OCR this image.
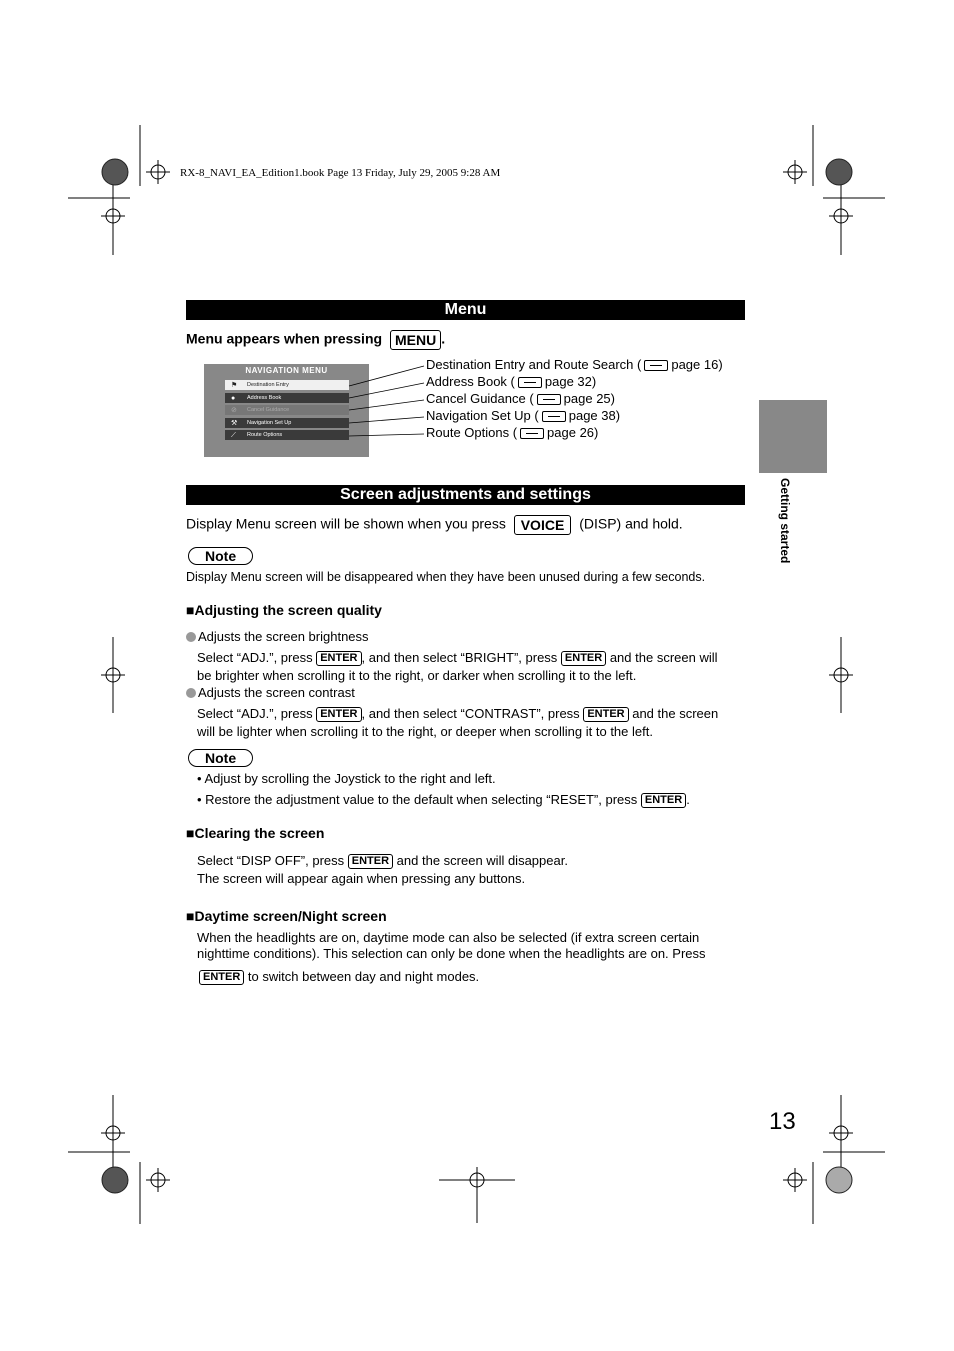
RX-8_NAVI_EA_Edition1.book Page 13 Friday, July 29, 2005 9:28 AM
Menu
Menu appears when pressing MENU .
NAVIGATION MENU
⚑ Destination Entry
● Address Book
⊘ Cancel Guidance
⚒ Navigation Set Up
⟋ Route Options
Destination Entry and Route Search ( page 16)
Address Book ( page 32)
Cancel Guidance ( page 25)
Navigation Set Up ( page 38)
Route Options ( page 26)
Screen adjustments and settings
Display Menu screen will be shown when you press VOICE (DISP) and hold.
Note
Display Menu screen will be disappeared when they have been unused during a few seconds.
■Adjusting the screen quality
Adjusts the screen brightness
Select “ADJ.”, press ENTER , and then select “BRIGHT”, press ENTER and the screen will
be brighter when scrolling it to the right, or darker when scrolling it to the left.
Adjusts the screen contrast
Select “ADJ.”, press ENTER , and then select “CONTRAST”, press ENTER and the screen
will be lighter when scrolling it to the right, or deeper when scrolling it to the left.
Note
• Adjust by scrolling the Joystick to the right and left.
• Restore the adjustment value to the default when selecting “RESET”, press ENTER .
■Clearing the screen
Select “DISP OFF”, press ENTER and the screen will disappear.
The screen will appear again when pressing any buttons.
■Daytime screen/Night screen
When the headlights are on, daytime mode can also be selected (if extra screen certain
nighttime conditions). This selection can only be done when the headlights are on. Press
ENTER to switch between day and night modes.
Getting started
13
